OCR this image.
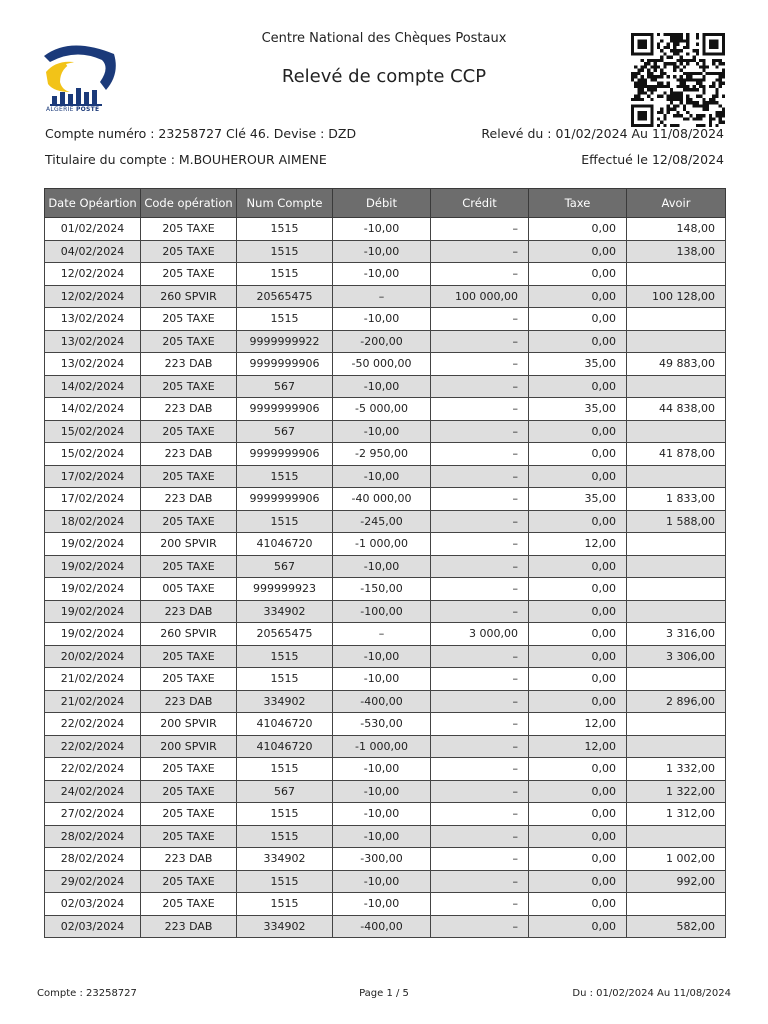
ALGÉRIE POSTE
Centre National des Chèques Postaux
Relevé de compte CCP
Compte numéro : 23258727 Clé 46. Devise : DZD	Relevé du : 01/02/2024 Au 11/08/2024
Titulaire du compte : M.BOUHEROUR AIMENE	Effectué le 12/08/2024
Date Opéartion	Code opération	Num Compte	Débit	Crédit	Taxe	Avoir
01/02/2024	205 TAXE	1515	-10,00	–	0,00	148,00
04/02/2024	205 TAXE	1515	-10,00	–	0,00	138,00
12/02/2024	205 TAXE	1515	-10,00	–	0,00	
12/02/2024	260 SPVIR	20565475	–	100 000,00	0,00	100 128,00
13/02/2024	205 TAXE	1515	-10,00	–	0,00	
13/02/2024	205 TAXE	9999999922	-200,00	–	0,00	
13/02/2024	223 DAB	9999999906	-50 000,00	–	35,00	49 883,00
14/02/2024	205 TAXE	567	-10,00	–	0,00	
14/02/2024	223 DAB	9999999906	-5 000,00	–	35,00	44 838,00
15/02/2024	205 TAXE	567	-10,00	–	0,00	
15/02/2024	223 DAB	9999999906	-2 950,00	–	0,00	41 878,00
17/02/2024	205 TAXE	1515	-10,00	–	0,00	
17/02/2024	223 DAB	9999999906	-40 000,00	–	35,00	1 833,00
18/02/2024	205 TAXE	1515	-245,00	–	0,00	1 588,00
19/02/2024	200 SPVIR	41046720	-1 000,00	–	12,00	
19/02/2024	205 TAXE	567	-10,00	–	0,00	
19/02/2024	005 TAXE	999999923	-150,00	–	0,00	
19/02/2024	223 DAB	334902	-100,00	–	0,00	
19/02/2024	260 SPVIR	20565475	–	3 000,00	0,00	3 316,00
20/02/2024	205 TAXE	1515	-10,00	–	0,00	3 306,00
21/02/2024	205 TAXE	1515	-10,00	–	0,00	
21/02/2024	223 DAB	334902	-400,00	–	0,00	2 896,00
22/02/2024	200 SPVIR	41046720	-530,00	–	12,00	
22/02/2024	200 SPVIR	41046720	-1 000,00	–	12,00	
22/02/2024	205 TAXE	1515	-10,00	–	0,00	1 332,00
24/02/2024	205 TAXE	567	-10,00	–	0,00	1 322,00
27/02/2024	205 TAXE	1515	-10,00	–	0,00	1 312,00
28/02/2024	205 TAXE	1515	-10,00	–	0,00	
28/02/2024	223 DAB	334902	-300,00	–	0,00	1 002,00
29/02/2024	205 TAXE	1515	-10,00	–	0,00	992,00
02/03/2024	205 TAXE	1515	-10,00	–	0,00	
02/03/2024	223 DAB	334902	-400,00	–	0,00	582,00
Compte : 23258727	Page 1 / 5	Du : 01/02/2024 Au 11/08/2024
